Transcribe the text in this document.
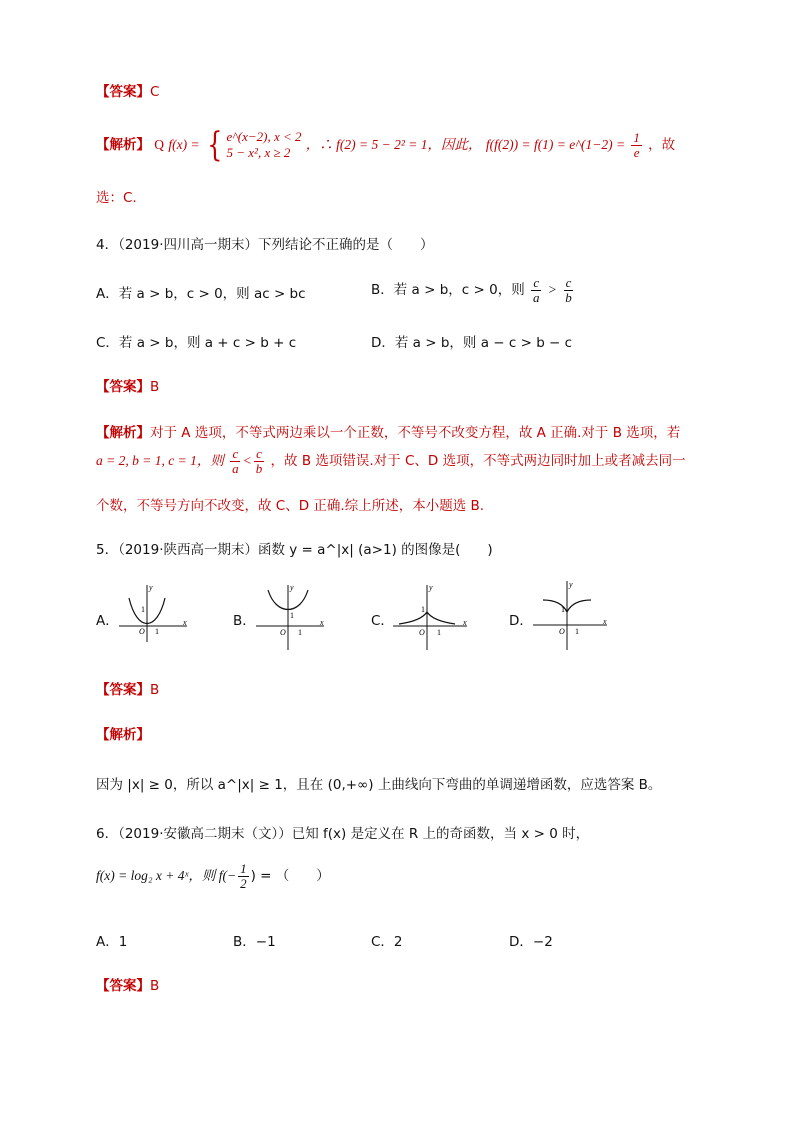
【答案】C
【解析】 Q f(x) = { e^(x−2), x < 2
5 − x², x ≥ 2
，∴ f(2) = 5 − 2² = 1，因此， f(f(2)) = f(1) = e^(1−2) = $\frac{1}{e}$ ，故
选：C.
4．（2019·四川高一期末）下列结论不正确的是（　　）
A．若 a > b，c > 0，则 ac > bc	B．若 a > b，c > 0，则 $\frac{c}{a} > \frac{c}{b}$
C．若 a > b，则 a + c > b + c	D．若 a > b，则 a − c > b − c
【答案】B
【解析】对于 A 选项，不等式两边乘以一个正数，不等号不改变方程，故 A 正确.对于 B 选项，若
a = 2, b = 1, c = 1，则 $\frac{c}{a} < \frac{c}{b}$ ，故 B 选项错误.对于 C、D 选项，不等式两边同时加上或者减去同一
个数，不等号方向不改变，故 C、D 正确.综上所述，本小题选 B.
5．（2019·陕西高一期末）函数 y = a^|x| (a>1) 的图像是(　　)
A．	B．	C．	D．
y
x
O
1
1
y
x
O
1
1
y
x
O
1
1
y
x
O
1
1
【答案】B
【解析】
因为 |x| ≥ 0，所以 a^|x| ≥ 1，且在 (0,+∞) 上曲线向下弯曲的单调递增函数，应选答案 B。
6．（2019·安徽高二期末（文））已知 f(x) 是定义在 R 上的奇函数，当 x > 0 时，
f(x) = log₂ x + 4ˣ，则 $f(- \frac{1}{2}$ ) = （　　）
A．1	B．−1	C．2	D．−2
【答案】B
